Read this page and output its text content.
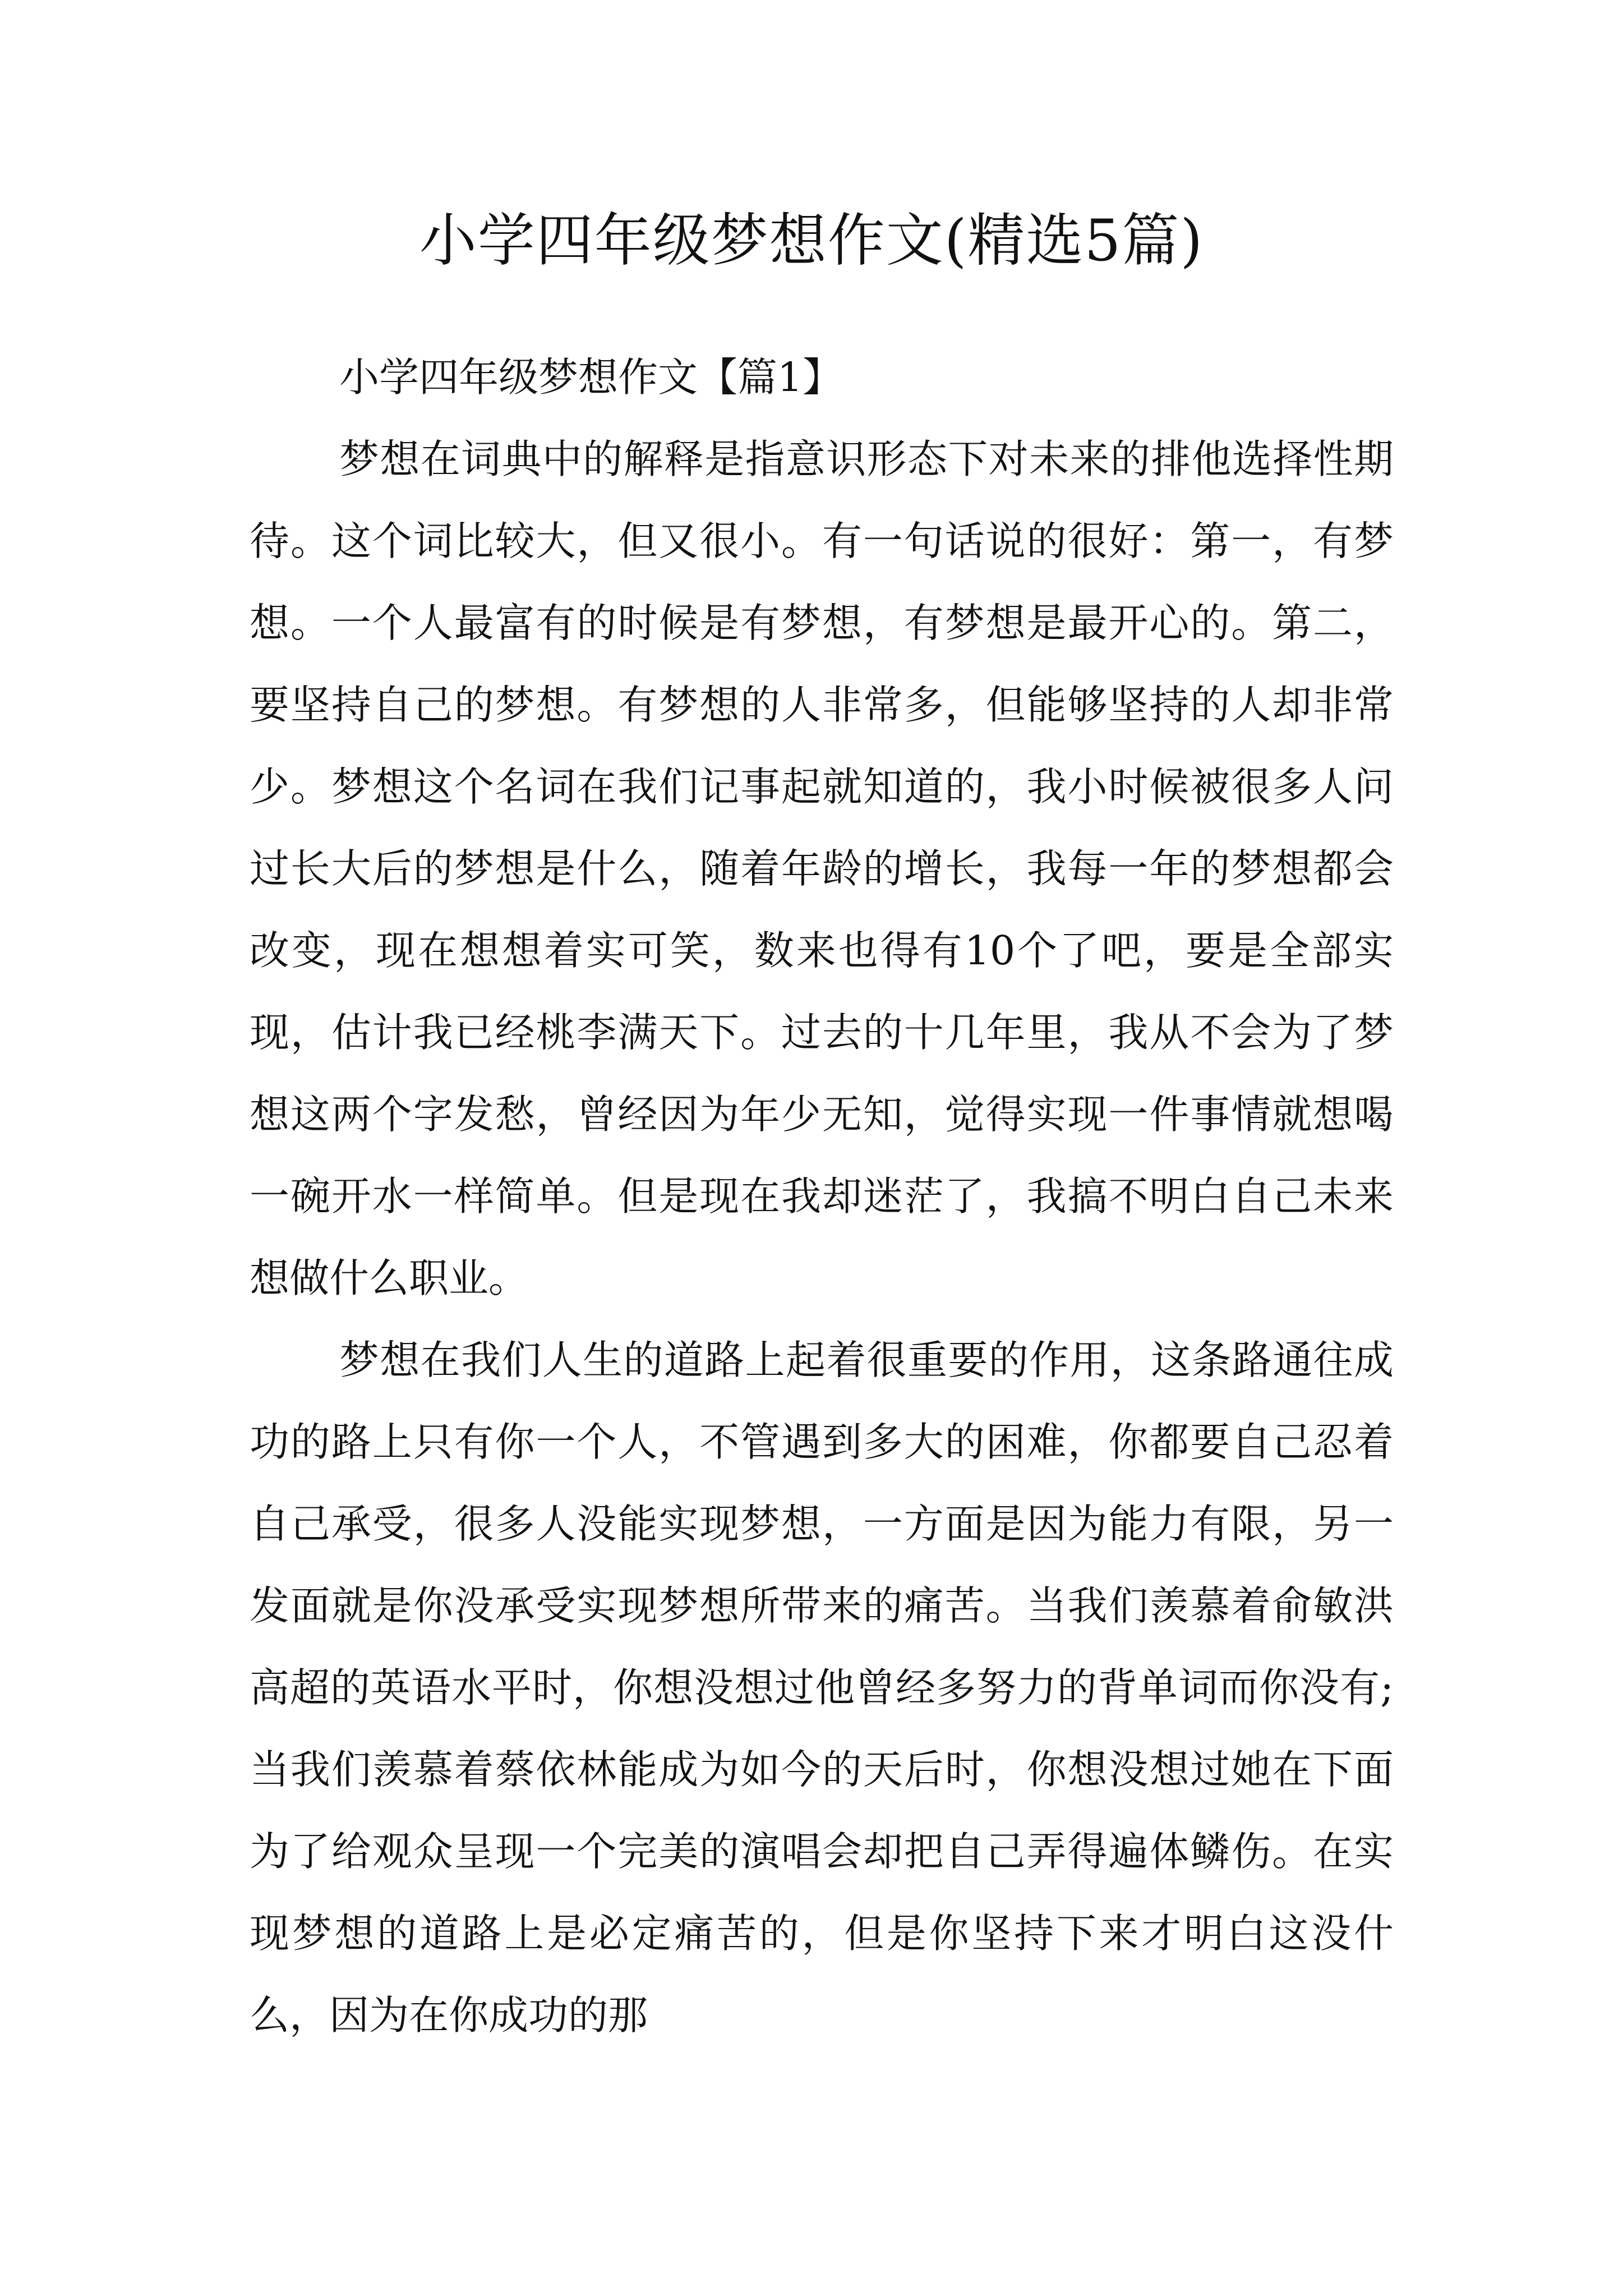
小学四年级梦想作文(精选5篇)

小学四年级梦想作文【篇1】

梦想在词典中的解释是指意识形态下对未来的排他选择性期待。这个词比较大，但又很小。有一句话说的很好：第一，有梦想。一个人最富有的时候是有梦想，有梦想是最开心的。第二，要坚持自己的梦想。有梦想的人非常多，但能够坚持的人却非常少。梦想这个名词在我们记事起就知道的，我小时候被很多人问过长大后的梦想是什么，随着年龄的增长，我每一年的梦想都会改变，现在想想着实可笑，数来也得有10个了吧，要是全部实现，估计我已经桃李满天下。过去的十几年里，我从不会为了梦想这两个字发愁，曾经因为年少无知，觉得实现一件事情就想喝一碗开水一样简单。但是现在我却迷茫了，我搞不明白自己未来想做什么职业。

梦想在我们人生的道路上起着很重要的作用，这条路通往成功的路上只有你一个人，不管遇到多大的困难，你都要自己忍着自己承受，很多人没能实现梦想，一方面是因为能力有限，另一发面就是你没承受实现梦想所带来的痛苦。当我们羡慕着俞敏洪高超的英语水平时，你想没想过他曾经多努力的背单词而你没有;当我们羡慕着蔡依林能成为如今的天后时，你想没想过她在下面为了给观众呈现一个完美的演唱会却把自己弄得遍体鳞伤。在实现梦想的道路上是必定痛苦的，但是你坚持下来才明白这没什么，因为在你成功的那
